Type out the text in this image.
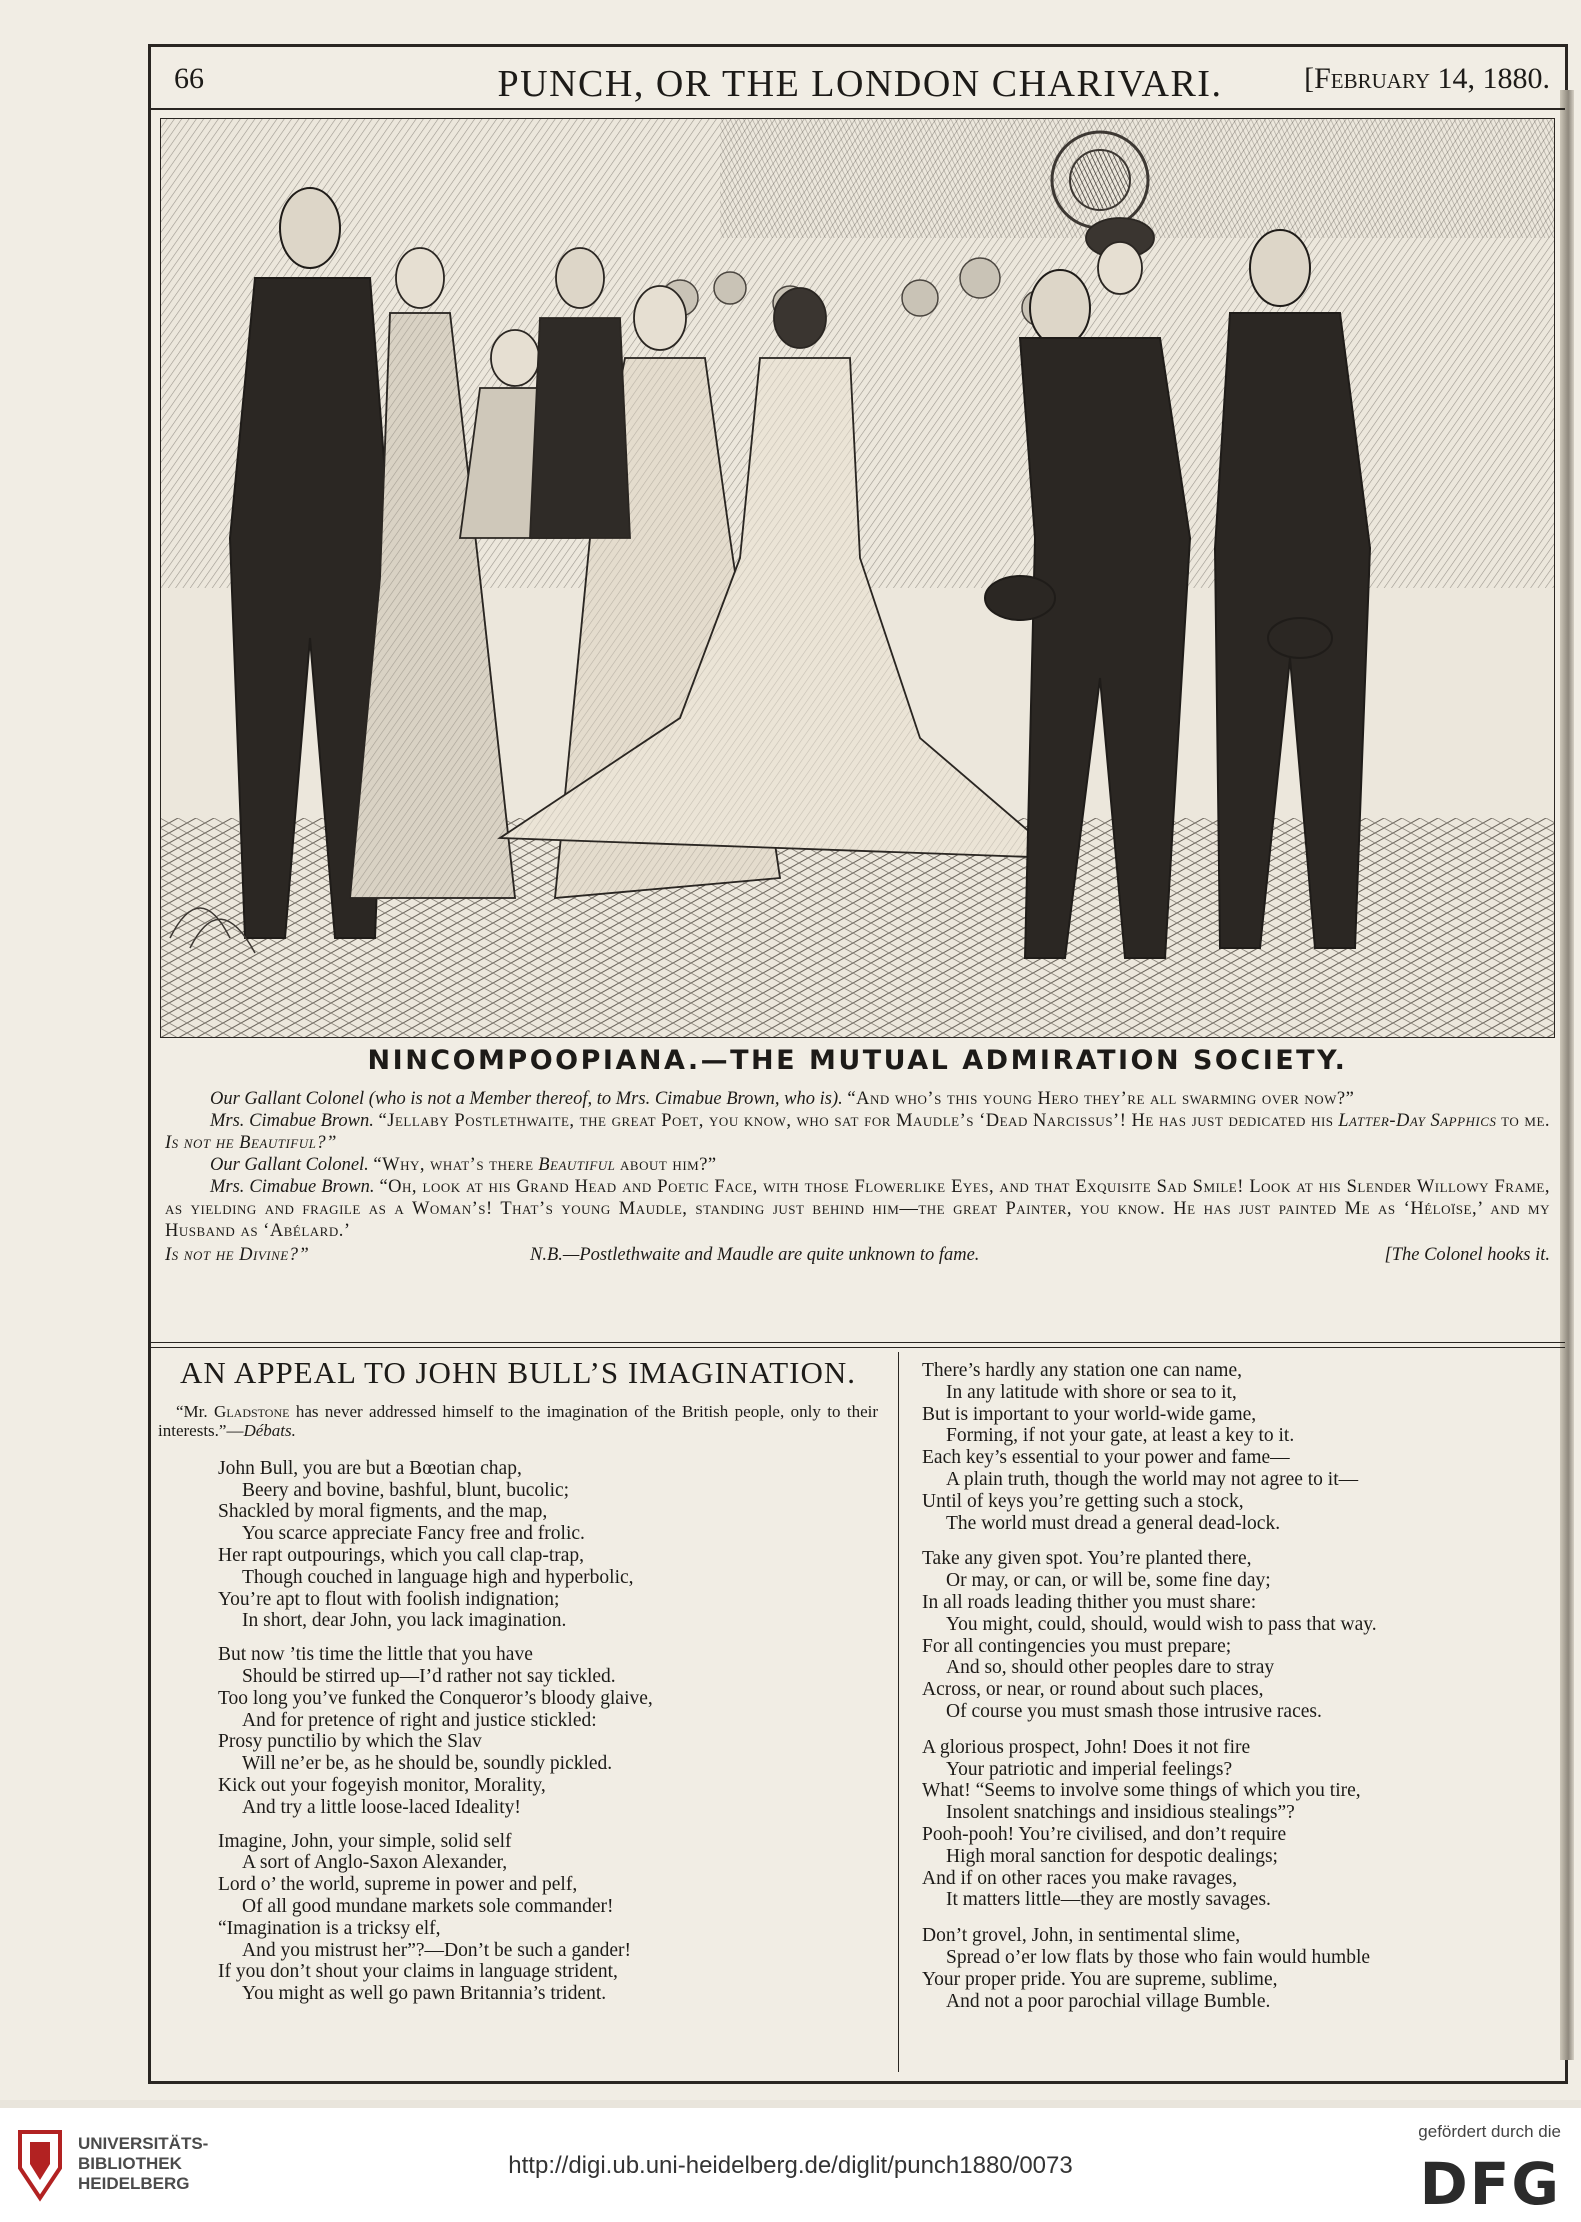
66	PUNCH, OR THE LONDON CHARIVARI.	[February 14, 1880.
NINCOMPOOPIANA.—THE MUTUAL ADMIRATION SOCIETY.

Our Gallant Colonel (who is not a Member thereof, to Mrs. Cimabue Brown, who is). “And who’s this young Hero they’re all swarming over now?”

Mrs. Cimabue Brown. “Jellaby Postlethwaite, the great Poet, you know, who sat for Maudle’s ‘Dead Narcissus’! He has just dedicated his Latter-Day Sapphics to me. Is not he Beautiful?”

Our Gallant Colonel. “Why, what’s there Beautiful about him?”

Mrs. Cimabue Brown. “Oh, look at his Grand Head and Poetic Face, with those Flowerlike Eyes, and that Exquisite Sad Smile! Look at his Slender Willowy Frame, as yielding and fragile as a Woman’s! That’s young Maudle, standing just behind him—the great Painter, you know. He has just painted Me as ‘Héloïse,’ and my Husband as ‘Abélard.’

Is not he Divine?”	N.B.—Postlethwaite and Maudle are quite unknown to fame.	[The Colonel hooks it.
AN APPEAL TO JOHN BULL’S IMAGINATION.

“Mr. Gladstone has never addressed himself to the imagination of the British people, only to their interests.”—Débats.

John Bull, you are but a Bœotian chap,
Beery and bovine, bashful, blunt, bucolic;
Shackled by moral figments, and the map,
You scarce appreciate Fancy free and frolic.
Her rapt outpourings, which you call clap-trap,
Though couched in language high and hyperbolic,
You’re apt to flout with foolish indignation;
In short, dear John, you lack imagination.
But now ’tis time the little that you have
Should be stirred up—I’d rather not say tickled.
Too long you’ve funked the Conqueror’s bloody glaive,
And for pretence of right and justice stickled:
Prosy punctilio by which the Slav
Will ne’er be, as he should be, soundly pickled.
Kick out your fogeyish monitor, Morality,
And try a little loose-laced Ideality!
Imagine, John, your simple, solid self
A sort of Anglo-Saxon Alexander,
Lord o’ the world, supreme in power and pelf,
Of all good mundane markets sole commander!
“Imagination is a tricksy elf,
And you mistrust her”?—Don’t be such a gander!
If you don’t shout your claims in language strident,
You might as well go pawn Britannia’s trident.
There’s hardly any station one can name,
In any latitude with shore or sea to it,
But is important to your world-wide game,
Forming, if not your gate, at least a key to it.
Each key’s essential to your power and fame—
A plain truth, though the world may not agree to it—
Until of keys you’re getting such a stock,
The world must dread a general dead-lock.
Take any given spot. You’re planted there,
Or may, or can, or will be, some fine day;
In all roads leading thither you must share:
You might, could, should, would wish to pass that way.
For all contingencies you must prepare;
And so, should other peoples dare to stray
Across, or near, or round about such places,
Of course you must smash those intrusive races.
A glorious prospect, John! Does it not fire
Your patriotic and imperial feelings?
What! “Seems to involve some things of which you tire,
Insolent snatchings and insidious stealings”?
Pooh-pooh! You’re civilised, and don’t require
High moral sanction for despotic dealings;
And if on other races you make ravages,
It matters little—they are mostly savages.
Don’t grovel, John, in sentimental slime,
Spread o’er low flats by those who fain would humble
Your proper pride. You are supreme, sublime,
And not a poor parochial village Bumble.
UNIVERSITÄTS-
BIBLIOTHEK
HEIDELBERG
http://digi.ub.uni-heidelberg.de/diglit/punch1880/0073
gefördert durch die
DFG
